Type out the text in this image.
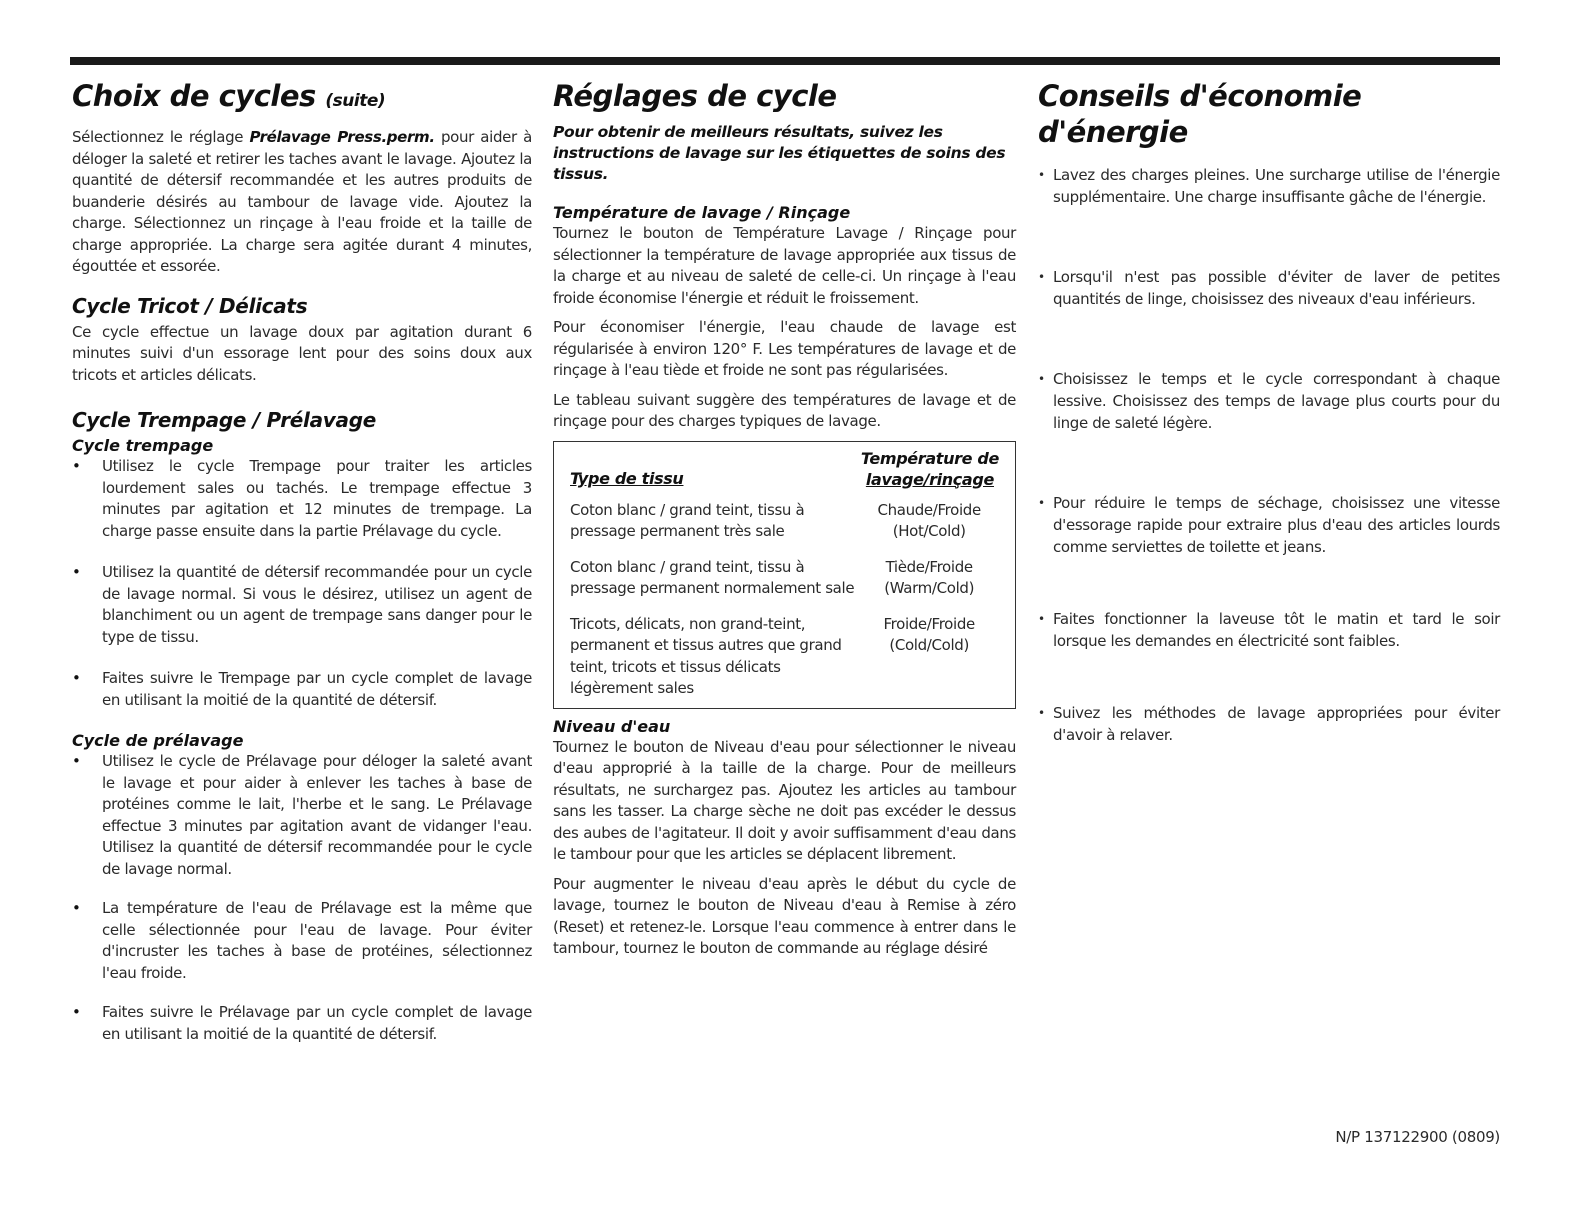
Choix de cycles (suite)

Sélectionnez le réglage Prélavage Press.perm. pour aider à déloger la saleté et retirer les taches avant le lavage. Ajoutez la quantité de détersif recommandée et les autres produits de buanderie désirés au tambour de lavage vide. Ajoutez la charge. Sélectionnez un rinçage à l'eau froide et la taille de charge appropriée. La charge sera agitée durant 4 minutes, égouttée et essorée.

Cycle Tricot / Délicats

Ce cycle effectue un lavage doux par agitation durant 6 minutes suivi d'un essorage lent pour des soins doux aux tricots et articles délicats.

Cycle Trempage / Prélavage
Cycle trempage
• Utilisez le cycle Trempage pour traiter les articles lourdement sales ou tachés. Le trempage effectue 3 minutes par agitation et 12 minutes de trempage. La charge passe ensuite dans la partie Prélavage du cycle.
• Utilisez la quantité de détersif recommandée pour un cycle de lavage normal. Si vous le désirez, utilisez un agent de blanchiment ou un agent de trempage sans danger pour le type de tissu.
• Faites suivre le Trempage par un cycle complet de lavage en utilisant la moitié de la quantité de détersif.
Cycle de prélavage
• Utilisez le cycle de Prélavage pour déloger la saleté avant le lavage et pour aider à enlever les taches à base de protéines comme le lait, l'herbe et le sang. Le Prélavage effectue 3 minutes par agitation avant de vidanger l'eau. Utilisez la quantité de détersif recommandée pour le cycle de lavage normal.
• La température de l'eau de Prélavage est la même que celle sélectionnée pour l'eau de lavage. Pour éviter d'incruster les taches à base de protéines, sélectionnez l'eau froide.
• Faites suivre le Prélavage par un cycle complet de lavage en utilisant la moitié de la quantité de détersif.
Réglages de cycle

Pour obtenir de meilleurs résultats, suivez les instructions de lavage sur les étiquettes de soins des tissus.

Température de lavage / Rinçage

Tournez le bouton de Température Lavage / Rinçage pour sélectionner la température de lavage appropriée aux tissus de la charge et au niveau de saleté de celle-ci. Un rinçage à l'eau froide économise l'énergie et réduit le froissement.

Pour économiser l'énergie, l'eau chaude de lavage est régularisée à environ 120° F. Les températures de lavage et de rinçage à l'eau tiède et froide ne sont pas régularisées.

Le tableau suivant suggère des températures de lavage et de rinçage pour des charges typiques de lavage.

Type de tissu
Température de
lavage/rinçage
Coton blanc / grand teint, tissu à pressage permanent très sale
Chaude/Froide
(Hot/Cold)
Coton blanc / grand teint, tissu à pressage permanent normalement sale
Tiède/Froide
(Warm/Cold)
Tricots, délicats, non grand-teint, permanent et tissus autres que grand teint, tricots et tissus délicats légèrement sales
Froide/Froide
(Cold/Cold)
Niveau d'eau

Tournez le bouton de Niveau d'eau pour sélectionner le niveau d'eau approprié à la taille de la charge. Pour de meilleurs résultats, ne surchargez pas. Ajoutez les articles au tambour sans les tasser. La charge sèche ne doit pas excéder le dessus des aubes de l'agitateur. Il doit y avoir suffisamment d'eau dans le tambour pour que les articles se déplacent librement.

Pour augmenter le niveau d'eau après le début du cycle de lavage, tournez le bouton de Niveau d'eau à Remise à zéro (Reset) et retenez-le. Lorsque l'eau commence à entrer dans le tambour, tournez le bouton de commande au réglage désiré

Conseils d'économie d'énergie
• Lavez des charges pleines. Une surcharge utilise de l'énergie supplémentaire. Une charge insuffisante gâche de l'énergie.
• Lorsqu'il n'est pas possible d'éviter de laver de petites quantités de linge, choisissez des niveaux d'eau inférieurs.
• Choisissez le temps et le cycle correspondant à chaque lessive. Choisissez des temps de lavage plus courts pour du linge de saleté légère.
• Pour réduire le temps de séchage, choisissez une vitesse d'essorage rapide pour extraire plus d'eau des articles lourds comme serviettes de toilette et jeans.
• Faites fonctionner la laveuse tôt le matin et tard le soir lorsque les demandes en électricité sont faibles.
• Suivez les méthodes de lavage appropriées pour éviter d'avoir à relaver.
N/P 137122900 (0809)
